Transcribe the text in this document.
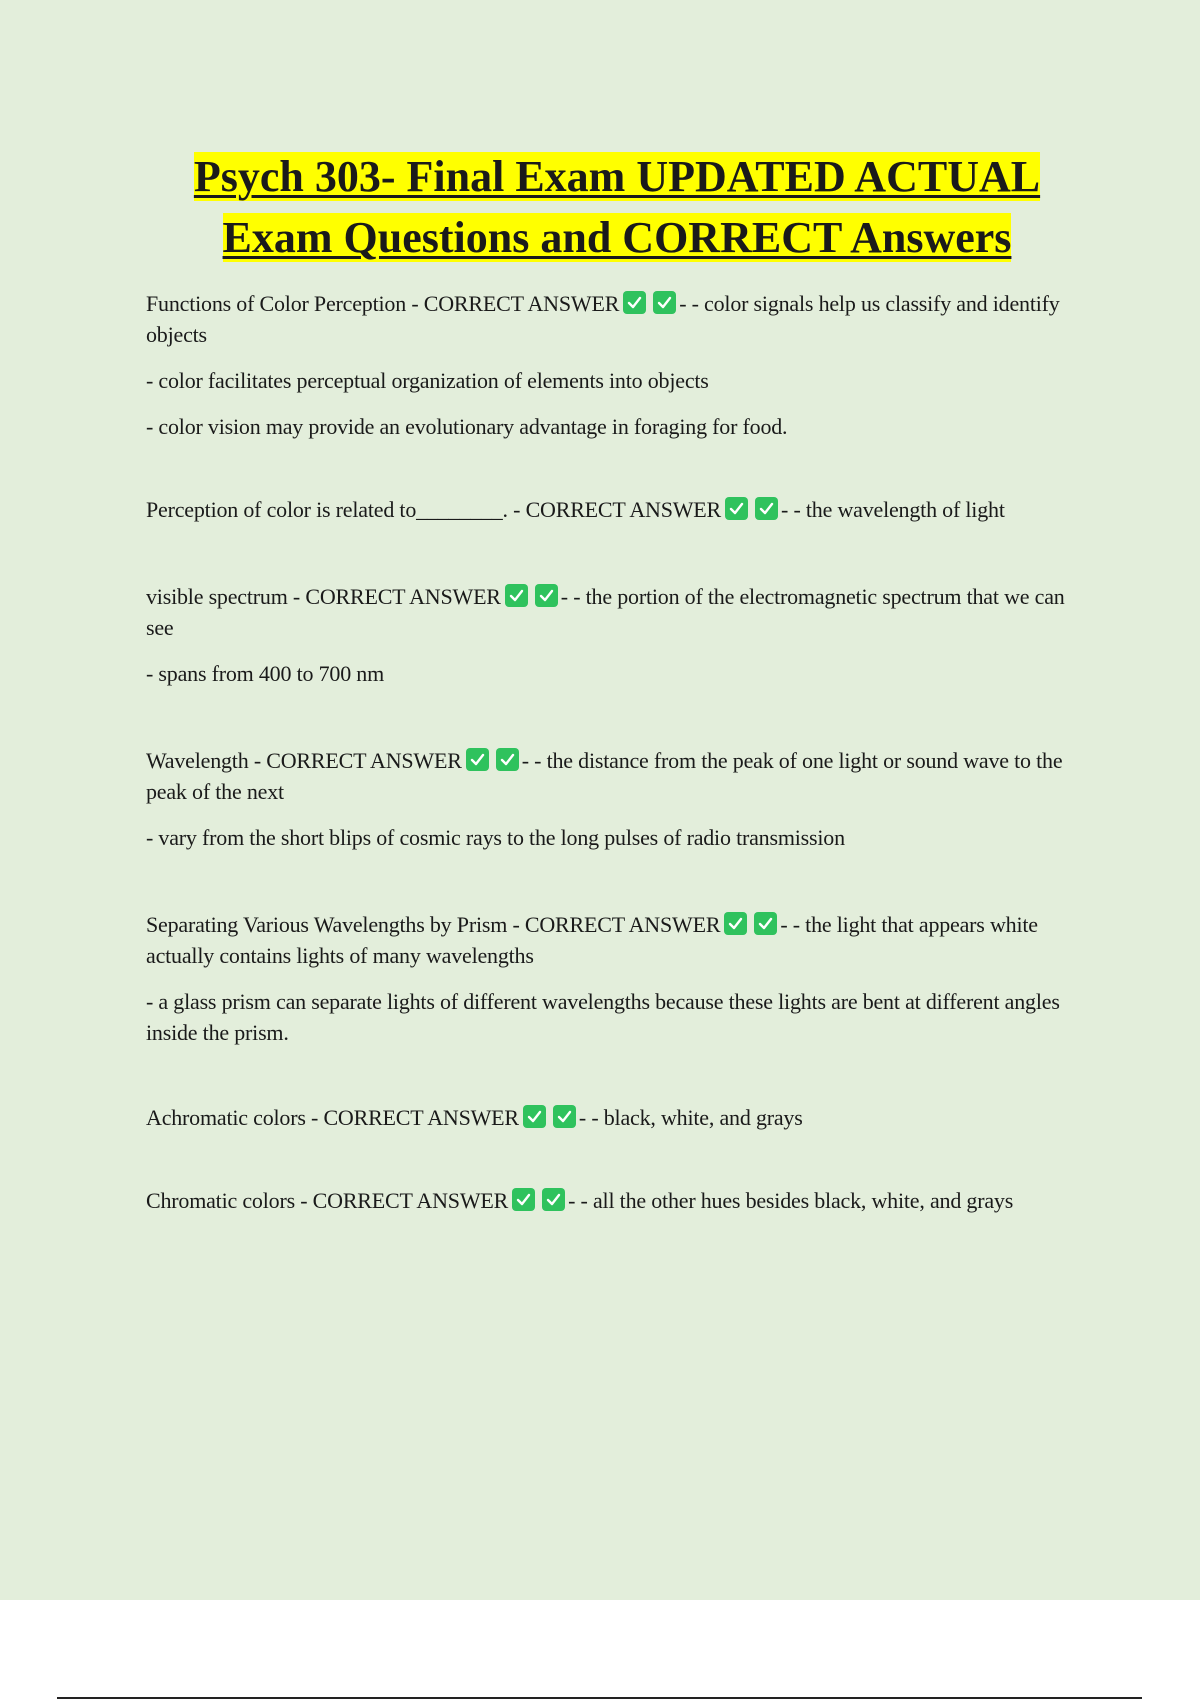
Psych 303- Final Exam UPDATED ACTUAL Exam Questions and CORRECT Answers

Functions of Color Perception - CORRECT ANSWER	- - color signals help us classify and identify objects

- color facilitates perceptual organization of elements into objects

- color vision may provide an evolutionary advantage in foraging for food.

Perception of color is related to________. - CORRECT ANSWER	- - the wavelength of light

visible spectrum - CORRECT ANSWER	- - the portion of the electromagnetic spectrum that we can see

- spans from 400 to 700 nm

Wavelength - CORRECT ANSWER	- - the distance from the peak of one light or sound wave to the peak of the next

- vary from the short blips of cosmic rays to the long pulses of radio transmission

Separating Various Wavelengths by Prism - CORRECT ANSWER	- - the light that appears white actually contains lights of many wavelengths

- a glass prism can separate lights of different wavelengths because these lights are bent at different angles inside the prism.

Achromatic colors - CORRECT ANSWER	- - black, white, and grays

Chromatic colors - CORRECT ANSWER	- - all the other hues besides black, white, and grays
